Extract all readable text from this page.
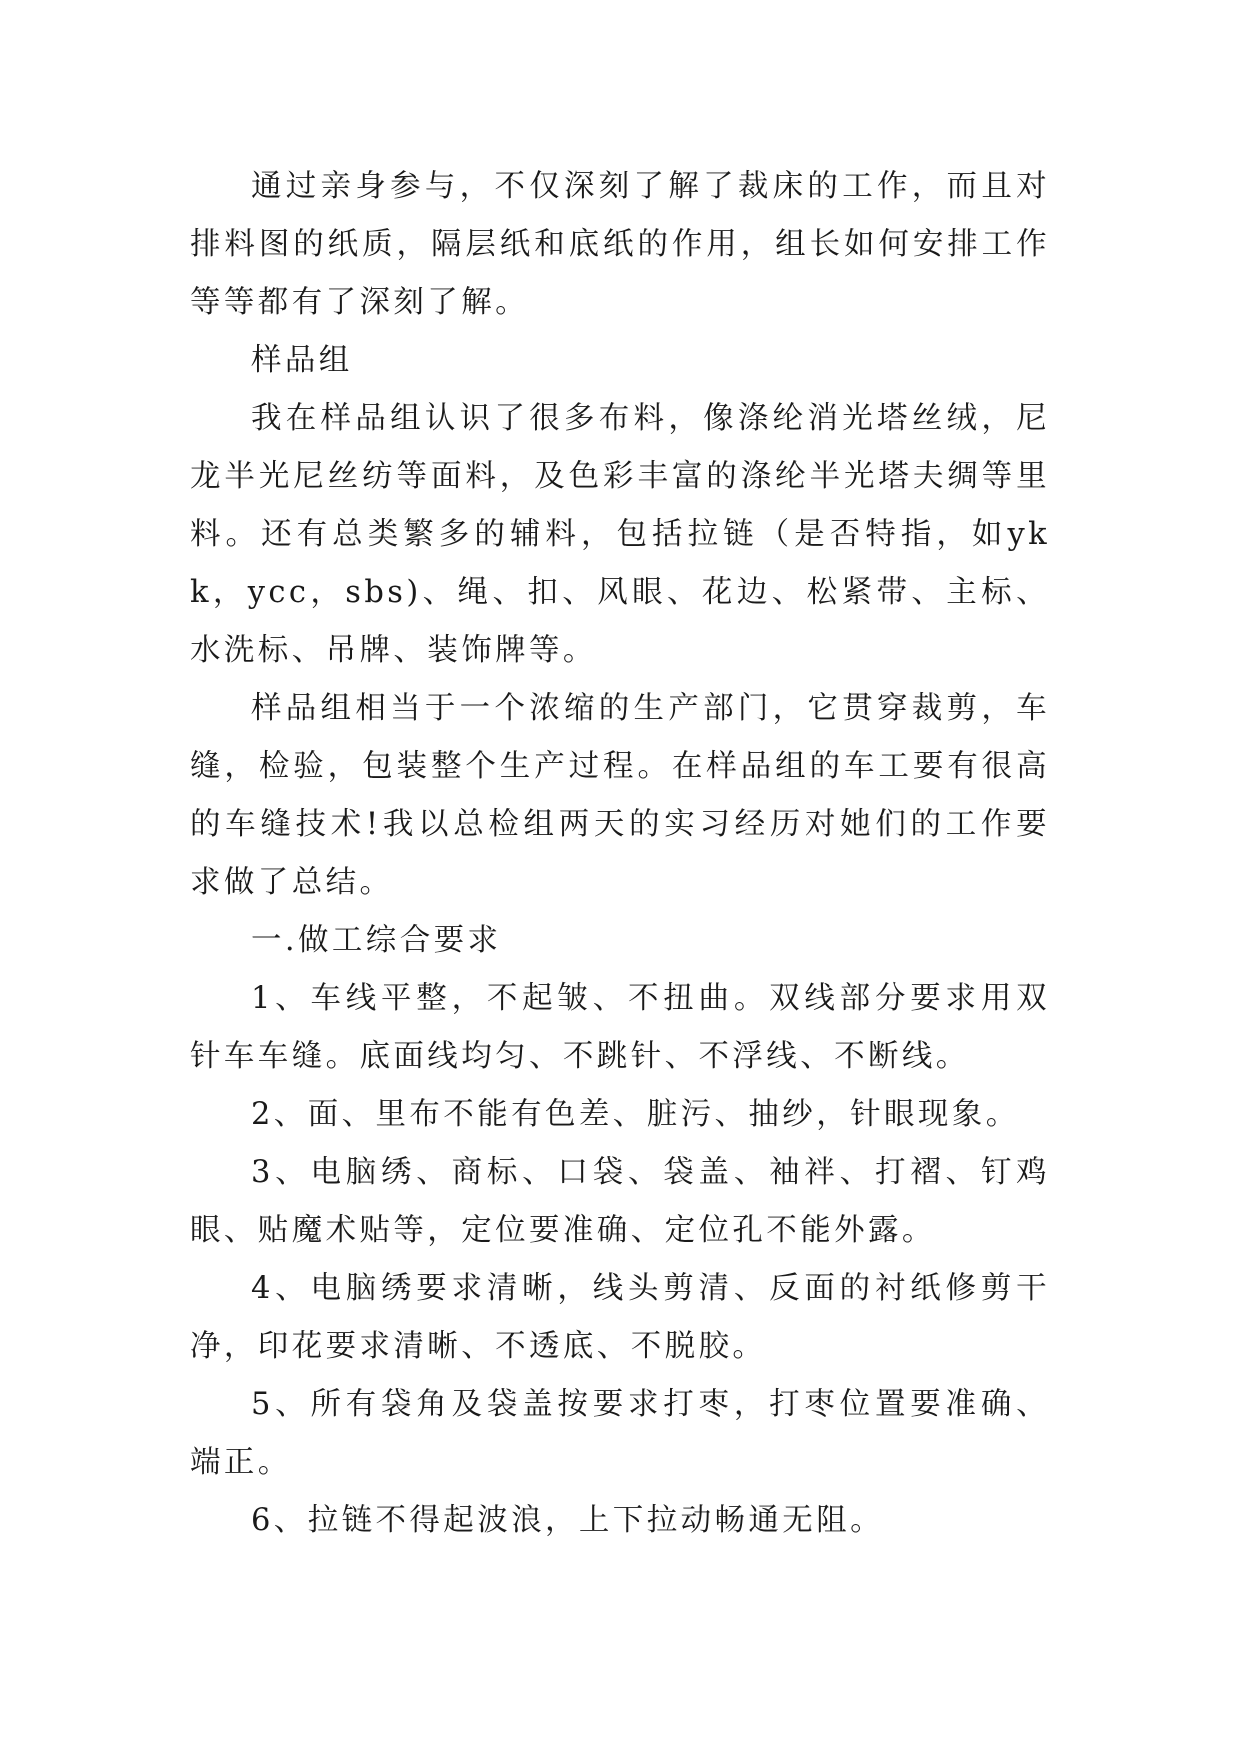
通过亲身参与，不仅深刻了解了裁床的工作，而且对排料图的纸质，隔层纸和底纸的作用，组长如何安排工作等等都有了深刻了解。

样品组

我在样品组认识了很多布料，像涤纶消光塔丝绒，尼龙半光尼丝纺等面料，及色彩丰富的涤纶半光塔夫绸等里料。还有总类繁多的辅料，包括拉链（是否特指，如ykk，ycc，sbs)、绳、扣、风眼、花边、松紧带、主标、水洗标、吊牌、装饰牌等。

样品组相当于一个浓缩的生产部门，它贯穿裁剪，车缝，检验，包装整个生产过程。在样品组的车工要有很高的车缝技术!我以总检组两天的实习经历对她们的工作要求做了总结。

一.做工综合要求

1、车线平整，不起皱、不扭曲。双线部分要求用双针车车缝。底面线均匀、不跳针、不浮线、不断线。

2、面、里布不能有色差、脏污、抽纱，针眼现象。

3、电脑绣、商标、口袋、袋盖、袖袢、打褶、钉鸡眼、贴魔术贴等，定位要准确、定位孔不能外露。

4、电脑绣要求清晰，线头剪清、反面的衬纸修剪干净，印花要求清晰、不透底、不脱胶。

5、所有袋角及袋盖按要求打枣，打枣位置要准确、端正。

6、拉链不得起波浪，上下拉动畅通无阻。
